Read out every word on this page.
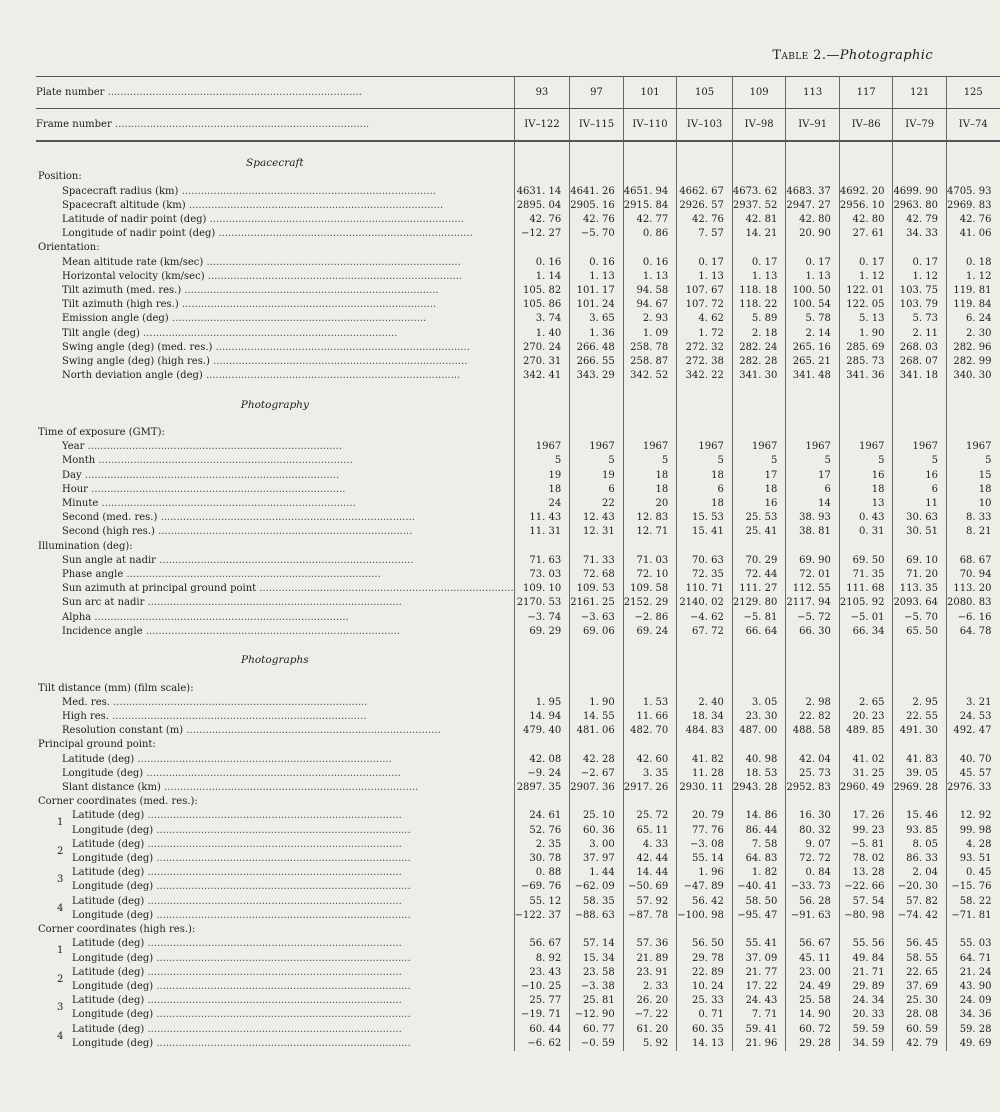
Table 2.—Photographic
Plate number ................................................................................	93	97	101	105	109	113	117	121	125
Frame number ................................................................................	IV–122	IV–115	IV–110	IV–103	IV–98	IV–91	IV–86	IV–79	IV–74

Spacecraft									
Position:									
Spacecraft radius (km) ................................................................................	4631. 14	4641. 26	4651. 94	4662. 67	4673. 62	4683. 37	4692. 20	4699. 90	4705. 93
Spacecraft altitude (km) ................................................................................	2895. 04	2905. 16	2915. 84	2926. 57	2937. 52	2947. 27	2956. 10	2963. 80	2969. 83
Latitude of nadir point (deg) ................................................................................	42. 76	42. 76	42. 77	42. 76	42. 81	42. 80	42. 80	42. 79	42. 76
Longitude of nadir point (deg) ................................................................................	−12. 27	−5. 70	0. 86	7. 57	14. 21	20. 90	27. 61	34. 33	41. 06
Orientation:									
Mean altitude rate (km/sec) ................................................................................	0. 16	0. 16	0. 16	0. 17	0. 17	0. 17	0. 17	0. 17	0. 18
Horizontal velocity (km/sec) ................................................................................	1. 14	1. 13	1. 13	1. 13	1. 13	1. 13	1. 12	1. 12	1. 12
Tilt azimuth (med. res.) ................................................................................	105. 82	101. 17	94. 58	107. 67	118. 18	100. 50	122. 01	103. 75	119. 81
Tilt azimuth (high res.) ................................................................................	105. 86	101. 24	94. 67	107. 72	118. 22	100. 54	122. 05	103. 79	119. 84
Emission angle (deg) ................................................................................	3. 74	3. 65	2. 93	4. 62	5. 89	5. 78	5. 13	5. 73	6. 24
Tilt angle (deg) ................................................................................	1. 40	1. 36	1. 09	1. 72	2. 18	2. 14	1. 90	2. 11	2. 30
Swing angle (deg) (med. res.) ................................................................................	270. 24	266. 48	258. 78	272. 32	282. 24	265. 16	285. 69	268. 03	282. 96
Swing angle (deg) (high res.) ................................................................................	270. 31	266. 55	258. 87	272. 38	282. 28	265. 21	285. 73	268. 07	282. 99
North deviation angle (deg) ................................................................................	342. 41	343. 29	342. 52	342. 22	341. 30	341. 48	341. 36	341. 18	340. 30

Photography									

Time of exposure (GMT):									
Year ................................................................................	1967	1967	1967	1967	1967	1967	1967	1967	1967
Month ................................................................................	5	5	5	5	5	5	5	5	5
Day ................................................................................	19	19	18	18	17	17	16	16	15
Hour ................................................................................	18	6	18	6	18	6	18	6	18
Minute ................................................................................	24	22	20	18	16	14	13	11	10
Second (med. res.) ................................................................................	11. 43	12. 43	12. 83	15. 53	25. 53	38. 93	0. 43	30. 63	8. 33
Second (high res.) ................................................................................	11. 31	12. 31	12. 71	15. 41	25. 41	38. 81	0. 31	30. 51	8. 21
Illumination (deg):									
Sun angle at nadir ................................................................................	71. 63	71. 33	71. 03	70. 63	70. 29	69. 90	69. 50	69. 10	68. 67
Phase angle ................................................................................	73. 03	72. 68	72. 10	72. 35	72. 44	72. 01	71. 35	71. 20	70. 94
Sun azimuth at principal ground point ................................................................................	109. 10	109. 53	109. 58	110. 71	111. 27	112. 55	111. 68	113. 35	113. 20
Sun arc at nadir ................................................................................	2170. 53	2161. 25	2152. 29	2140. 02	2129. 80	2117. 94	2105. 92	2093. 64	2080. 83
Alpha ................................................................................	−3. 74	−3. 63	−2. 86	−4. 62	−5. 81	−5. 72	−5. 01	−5. 70	−6. 16
Incidence angle ................................................................................	69. 29	69. 06	69. 24	67. 72	66. 64	66. 30	66. 34	65. 50	64. 78

Photographs									

Tilt distance (mm) (film scale):									
Med. res. ................................................................................	1. 95	1. 90	1. 53	2. 40	3. 05	2. 98	2. 65	2. 95	3. 21
High res. ................................................................................	14. 94	14. 55	11. 66	18. 34	23. 30	22. 82	20. 23	22. 55	24. 53
Resolution constant (m) ................................................................................	479. 40	481. 06	482. 70	484. 83	487. 00	488. 58	489. 85	491. 30	492. 47
Principal ground point:									
Latitude (deg) ................................................................................	42. 08	42. 28	42. 60	41. 82	40. 98	42. 04	41. 02	41. 83	40. 70
Longitude (deg) ................................................................................	−9. 24	−2. 67	3. 35	11. 28	18. 53	25. 73	31. 25	39. 05	45. 57
Slant distance (km) ................................................................................	2897. 35	2907. 36	2917. 26	2930. 11	2943. 28	2952. 83	2960. 49	2969. 28	2976. 33
Corner coordinates (med. res.):									

1
Latitude (deg) ................................................................................	24. 61	25. 10	25. 72	20. 79	14. 86	16. 30	17. 26	15. 46	12. 92
Longitude (deg) ................................................................................	52. 76	60. 36	65. 11	77. 76	86. 44	80. 32	99. 23	93. 85	99. 98

2
Latitude (deg) ................................................................................	2. 35	3. 00	4. 33	−3. 08	7. 58	9. 07	−5. 81	8. 05	4. 28
Longitude (deg) ................................................................................	30. 78	37. 97	42. 44	55. 14	64. 83	72. 72	78. 02	86. 33	93. 51

3
Latitude (deg) ................................................................................	0. 88	1. 44	14. 44	1. 96	1. 82	0. 84	13. 28	2. 04	0. 45
Longitude (deg) ................................................................................	−69. 76	−62. 09	−50. 69	−47. 89	−40. 41	−33. 73	−22. 66	−20. 30	−15. 76

4
Latitude (deg) ................................................................................	55. 12	58. 35	57. 92	56. 42	58. 50	56. 28	57. 54	57. 82	58. 22
Longitude (deg) ................................................................................	−122. 37	−88. 63	−87. 78	−100. 98	−95. 47	−91. 63	−80. 98	−74. 42	−71. 81
Corner coordinates (high res.):									

1
Latitude (deg) ................................................................................	56. 67	57. 14	57. 36	56. 50	55. 41	56. 67	55. 56	56. 45	55. 03
Longitude (deg) ................................................................................	8. 92	15. 34	21. 89	29. 78	37. 09	45. 11	49. 84	58. 55	64. 71

2
Latitude (deg) ................................................................................	23. 43	23. 58	23. 91	22. 89	21. 77	23. 00	21. 71	22. 65	21. 24
Longitude (deg) ................................................................................	−10. 25	−3. 38	2. 33	10. 24	17. 22	24. 49	29. 89	37. 69	43. 90

3
Latitude (deg) ................................................................................	25. 77	25. 81	26. 20	25. 33	24. 43	25. 58	24. 34	25. 30	24. 09
Longitude (deg) ................................................................................	−19. 71	−12. 90	−7. 22	0. 71	7. 71	14. 90	20. 33	28. 08	34. 36

4
Latitude (deg) ................................................................................	60. 44	60. 77	61. 20	60. 35	59. 41	60. 72	59. 59	60. 59	59. 28
Longitude (deg) ................................................................................	−6. 62	−0. 59	5. 92	14. 13	21. 96	29. 28	34. 59	42. 79	49. 69
